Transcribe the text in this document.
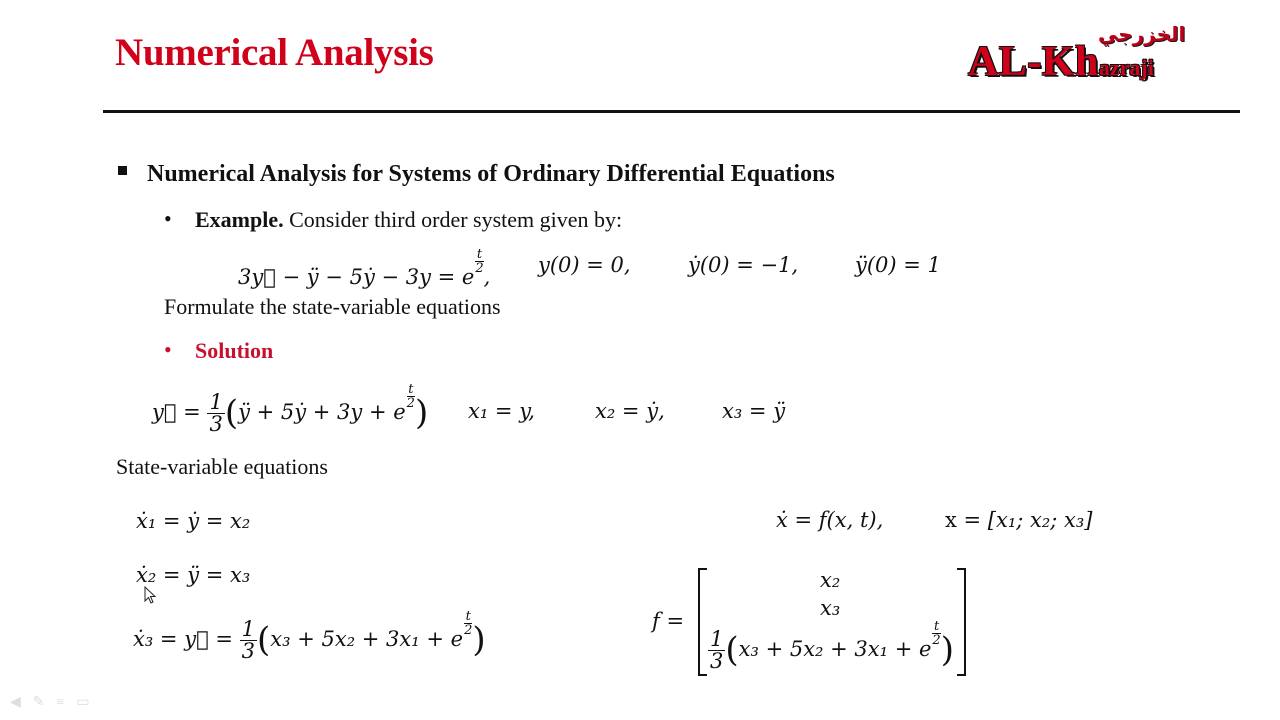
Numerical Analysis	الخزرجي
AL-Khazraji
Numerical Analysis for Systems of Ordinary Differential Equations
• Example. Consider third order system given by:
3y⃛ − ÿ − 5ẏ − 3y = e
$\frac{t}{2}$
, y(0) = 0,	ẏ(0) = −1,	ÿ(0) = 1
Formulate the state-variable equations
• Solution
y⃛ = $\frac{1}{3}$ (ÿ + 5ẏ + 3y + e
$\frac{t}{2}$ ) x₁ = y,	x₂ = ẏ,	x₃ = ÿ
State-variable equations
ẋ₁ = ẏ = x₂
ẋ₂ = ÿ = x₃
ẋ₃ = y⃛ = $\frac{1}{3} (x_3 + 5x_2 + 3x_1 + e$
$\frac{t}{2}$ )
ẋ = f(x, t),	x = [x₁; x₂; x₃]
f =
x₂
x₃
$\frac{1}{3} (x_3 + 5x_2 + 3x_1 + e$
$\frac{t}{2}$ )
◀✎≡▭
